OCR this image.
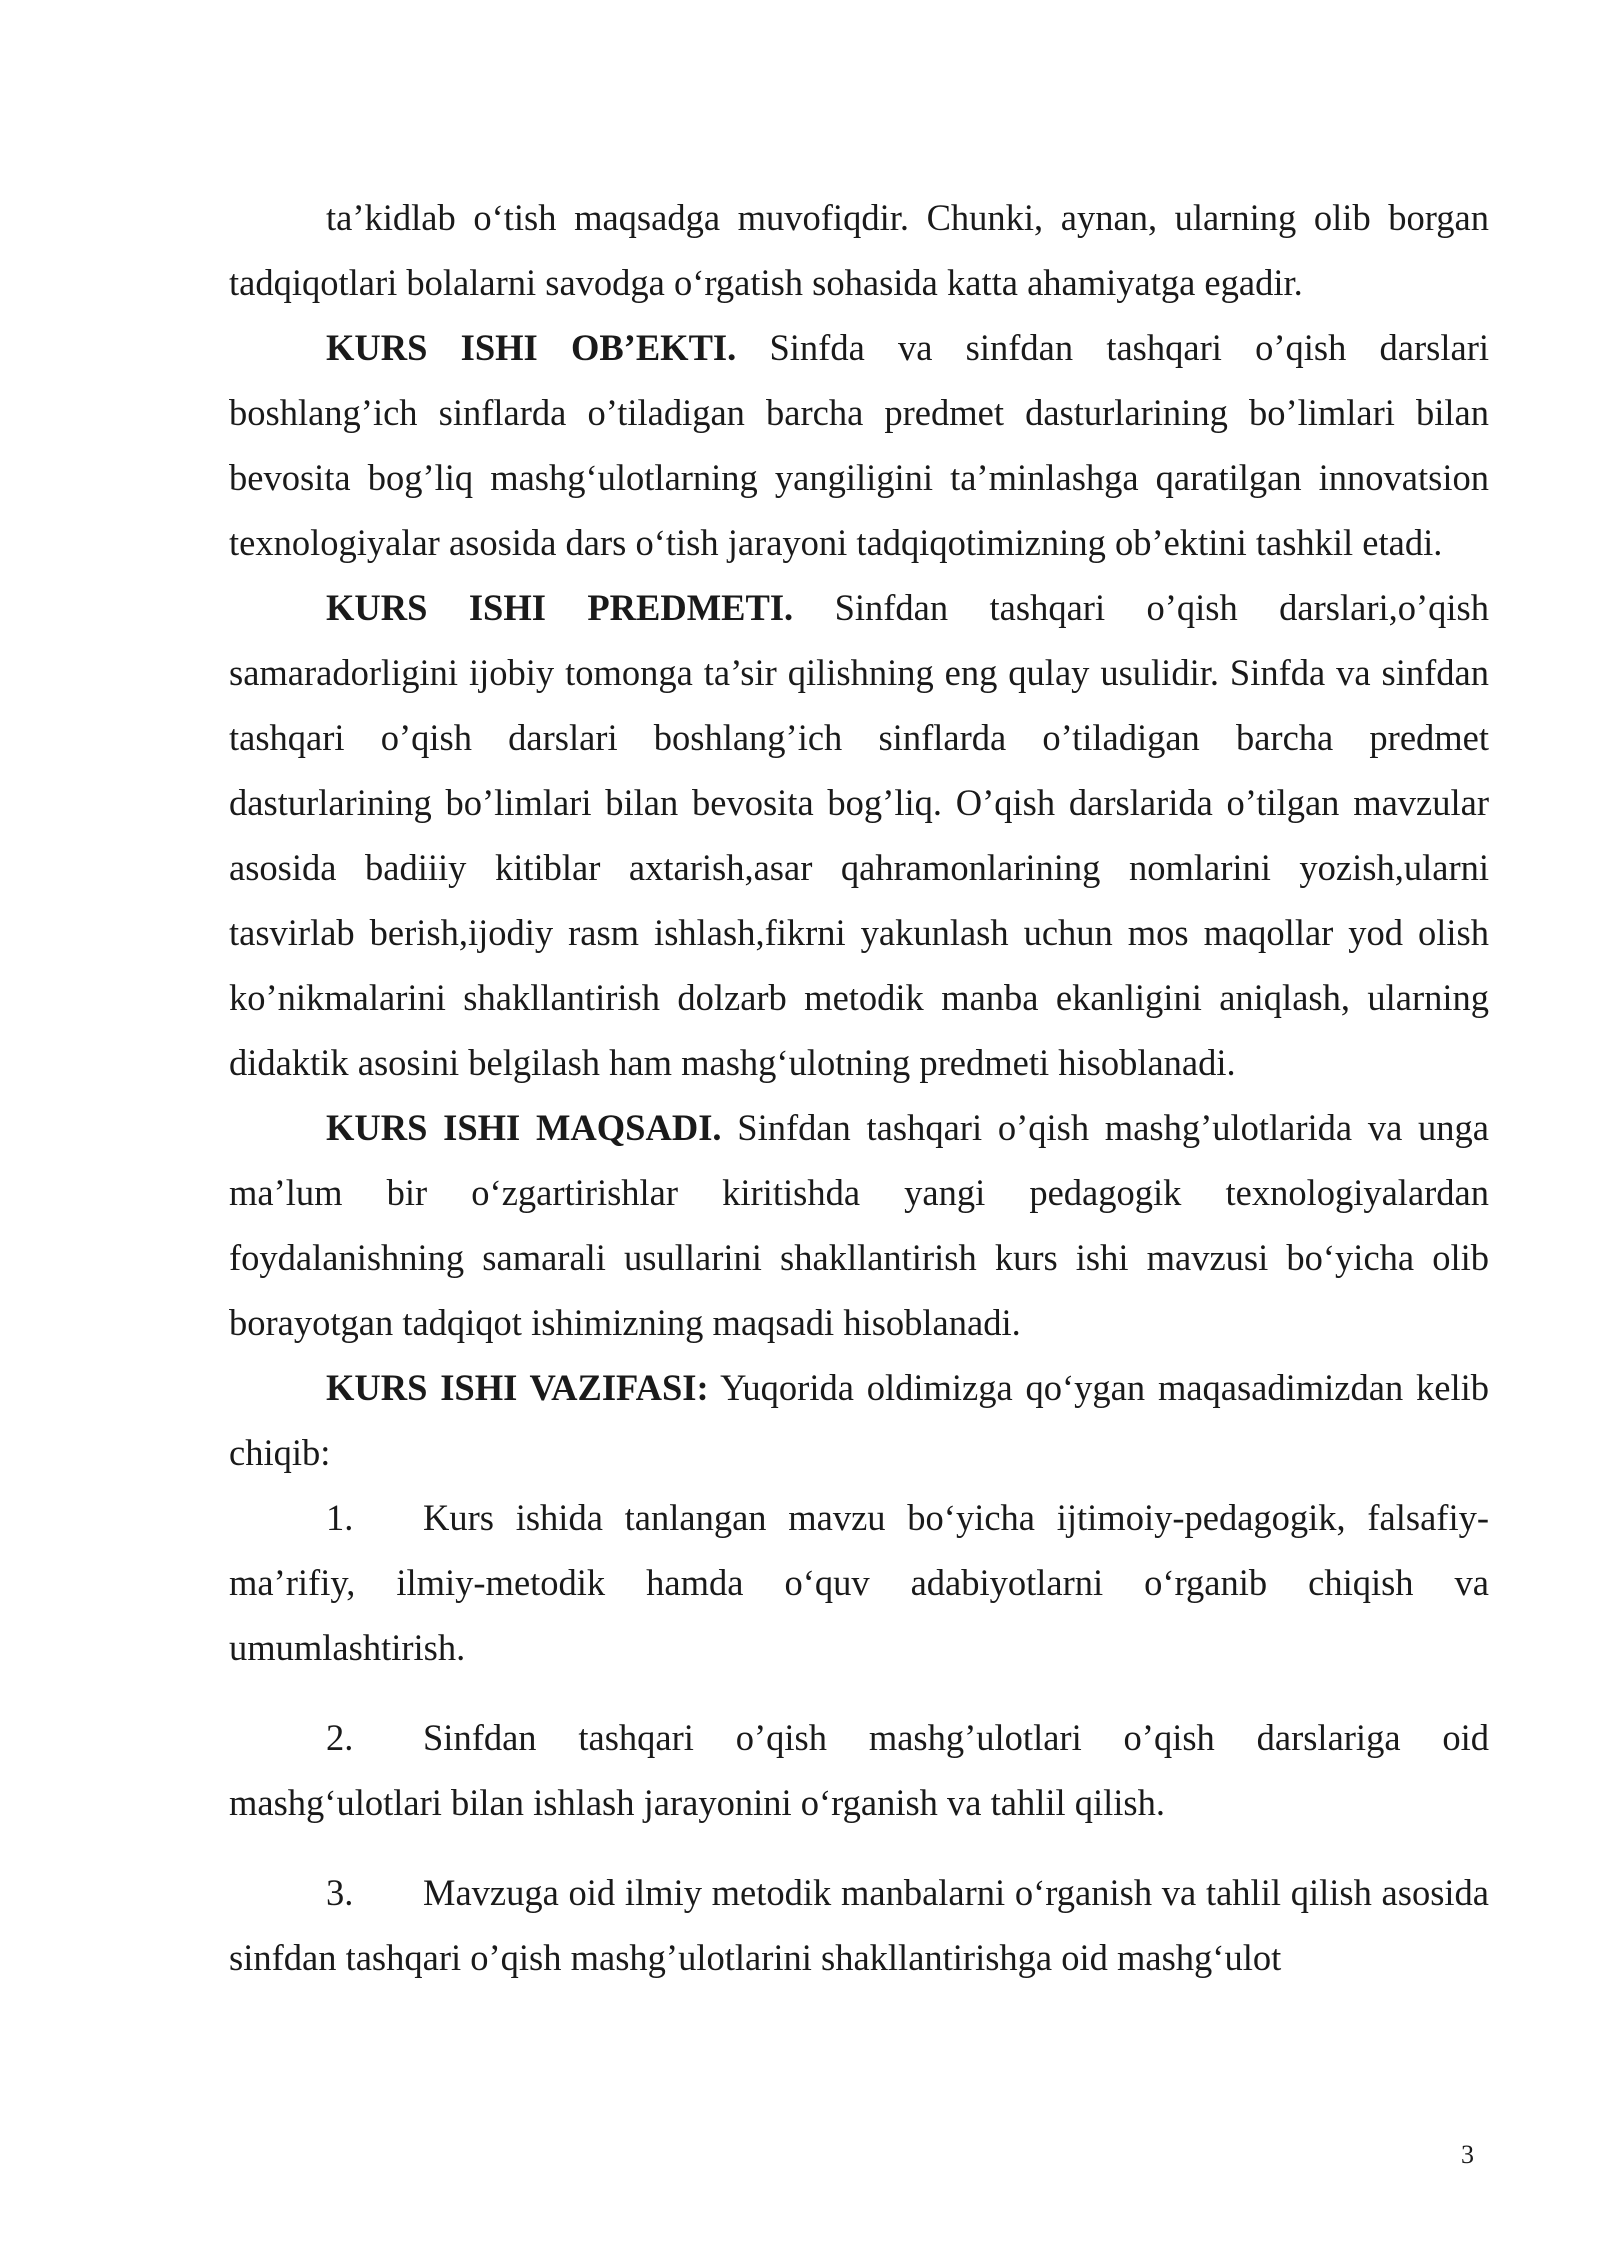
ta’kidlab o‘tish maqsadga muvofiqdir. Chunki, aynan, ularning olib borgan tadqiqotlari bolalarni savodga o‘rgatish sohasida katta ahamiyatga egadir.

KURS ISHI OB’EKTI. Sinfda va sinfdan tashqari o’qish darslari boshlang’ich sinflarda o’tiladigan barcha predmet dasturlarining bo’limlari bilan bevosita bog’liq mashg‘ulotlarning yangiligini ta’minlashga qaratilgan innovatsion texnologiyalar asosida dars o‘tish jarayoni tadqiqotimizning ob’ektini tashkil etadi.

KURS ISHI PREDMETI. Sinfdan tashqari o’qish darslari,o’qish samaradorligini ijobiy tomonga ta’sir qilishning eng qulay usulidir. Sinfda va sinfdan tashqari o’qish darslari boshlang’ich sinflarda o’tiladigan barcha predmet dasturlarining bo’limlari bilan bevosita bog’liq. O’qish darslarida o’tilgan mavzular asosida badiiiy kitiblar axtarish,asar qahramonlarining nomlarini yozish,ularni tasvirlab berish,ijodiy rasm ishlash,fikrni yakunlash uchun mos maqollar yod olish ko’nikmalarini shakllantirish dolzarb metodik manba ekanligini aniqlash, ularning didaktik asosini belgilash ham mashg‘ulotning predmeti hisoblanadi.

KURS ISHI MAQSADI. Sinfdan tashqari o’qish mashg’ulotlarida va unga ma’lum bir o‘zgartirishlar kiritishda yangi pedagogik texnologiyalardan foydalanishning samarali usullarini shakllantirish kurs ishi mavzusi bo‘yicha olib borayotgan tadqiqot ishimizning maqsadi hisoblanadi.

KURS ISHI VAZIFASI: Yuqorida oldimizga qo‘ygan maqasadimizdan kelib chiqib:

1. Kurs ishida tanlangan mavzu bo‘yicha ijtimoiy-pedagogik, falsafiy-ma’rifiy, ilmiy-metodik hamda o‘quv adabiyotlarni o‘rganib chiqish va umumlashtirish.

2. Sinfdan tashqari o’qish mashg’ulotlari o’qish darslariga oid mashg‘ulotlari bilan ishlash jarayonini o‘rganish va tahlil qilish.

3. Mavzuga oid ilmiy metodik manbalarni o‘rganish va tahlil qilish asosida sinfdan tashqari o’qish mashg’ulotlarini shakllantirishga oid mashg‘ulot

3
